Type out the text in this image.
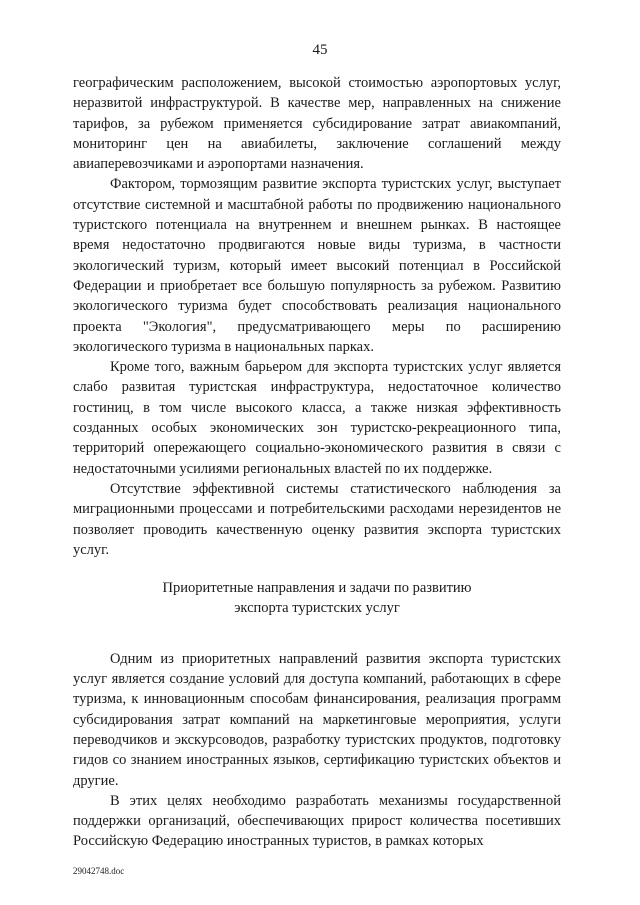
45

географическим расположением, высокой стоимостью аэропортовых услуг, неразвитой инфраструктурой. В качестве мер, направленных на снижение тарифов, за рубежом применяется субсидирование затрат авиакомпаний, мониторинг цен на авиабилеты, заключение соглашений между авиаперевозчиками и аэропортами назначения.

Фактором, тормозящим развитие экспорта туристских услуг, выступает отсутствие системной и масштабной работы по продвижению национального туристского потенциала на внутреннем и внешнем рынках. В настоящее время недостаточно продвигаются новые виды туризма, в частности экологический туризм, который имеет высокий потенциал в Российской Федерации и приобретает все большую популярность за рубежом. Развитию экологического туризма будет способствовать реализация национального проекта "Экология", предусматривающего меры по расширению экологического туризма в национальных парках.

Кроме того, важным барьером для экспорта туристских услуг является слабо развитая туристская инфраструктура, недостаточное количество гостиниц, в том числе высокого класса, а также низкая эффективность созданных особых экономических зон туристско-рекреационного типа, территорий опережающего социально-экономического развития в связи с недостаточными усилиями региональных властей по их поддержке.

Отсутствие эффективной системы статистического наблюдения за миграционными процессами и потребительскими расходами нерезидентов не позволяет проводить качественную оценку развития экспорта туристских услуг.

Приоритетные направления и задачи по развитию
экспорта туристских услуг

Одним из приоритетных направлений развития экспорта туристских услуг является создание условий для доступа компаний, работающих в сфере туризма, к инновационным способам финансирования, реализация программ субсидирования затрат компаний на маркетинговые мероприятия, услуги переводчиков и экскурсоводов, разработку туристских продуктов, подготовку гидов со знанием иностранных языков, сертификацию туристских объектов и другие.

В этих целях необходимо разработать механизмы государственной поддержки организаций, обеспечивающих прирост количества посетивших Российскую Федерацию иностранных туристов, в рамках которых

29042748.doc
